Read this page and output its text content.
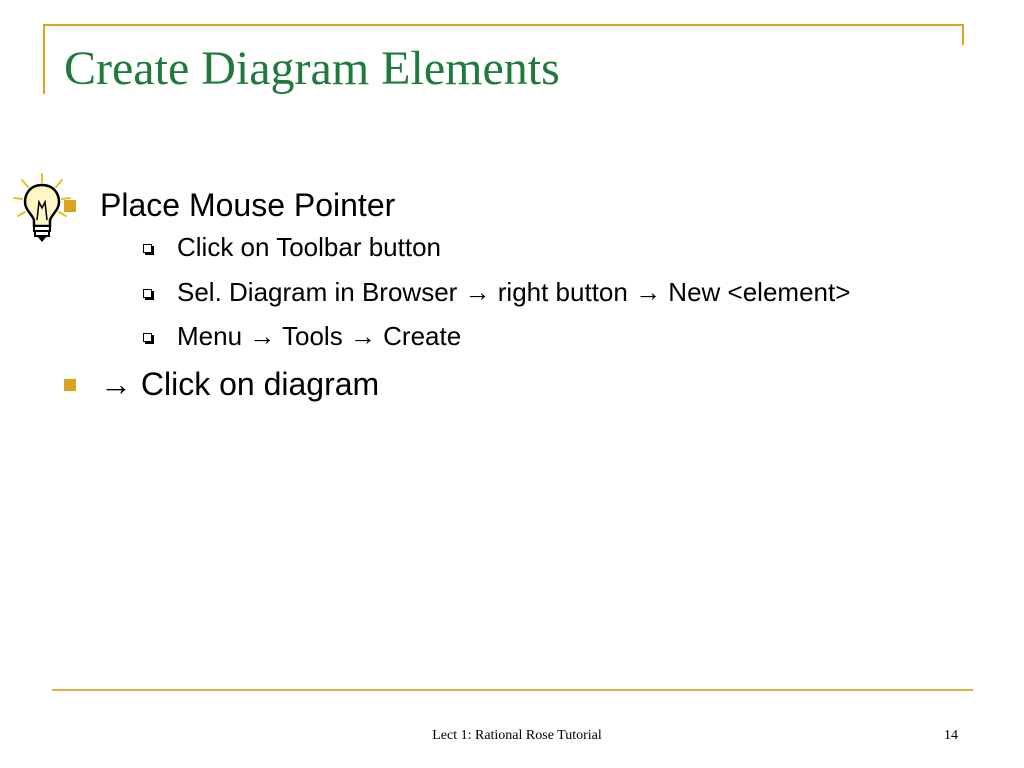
Create Diagram Elements
Place Mouse Pointer
Click on Toolbar button
Sel. Diagram in Browser → right button → New <element>
Menu → Tools → Create
→ Click on diagram
Lect 1: Rational Rose Tutorial	14
